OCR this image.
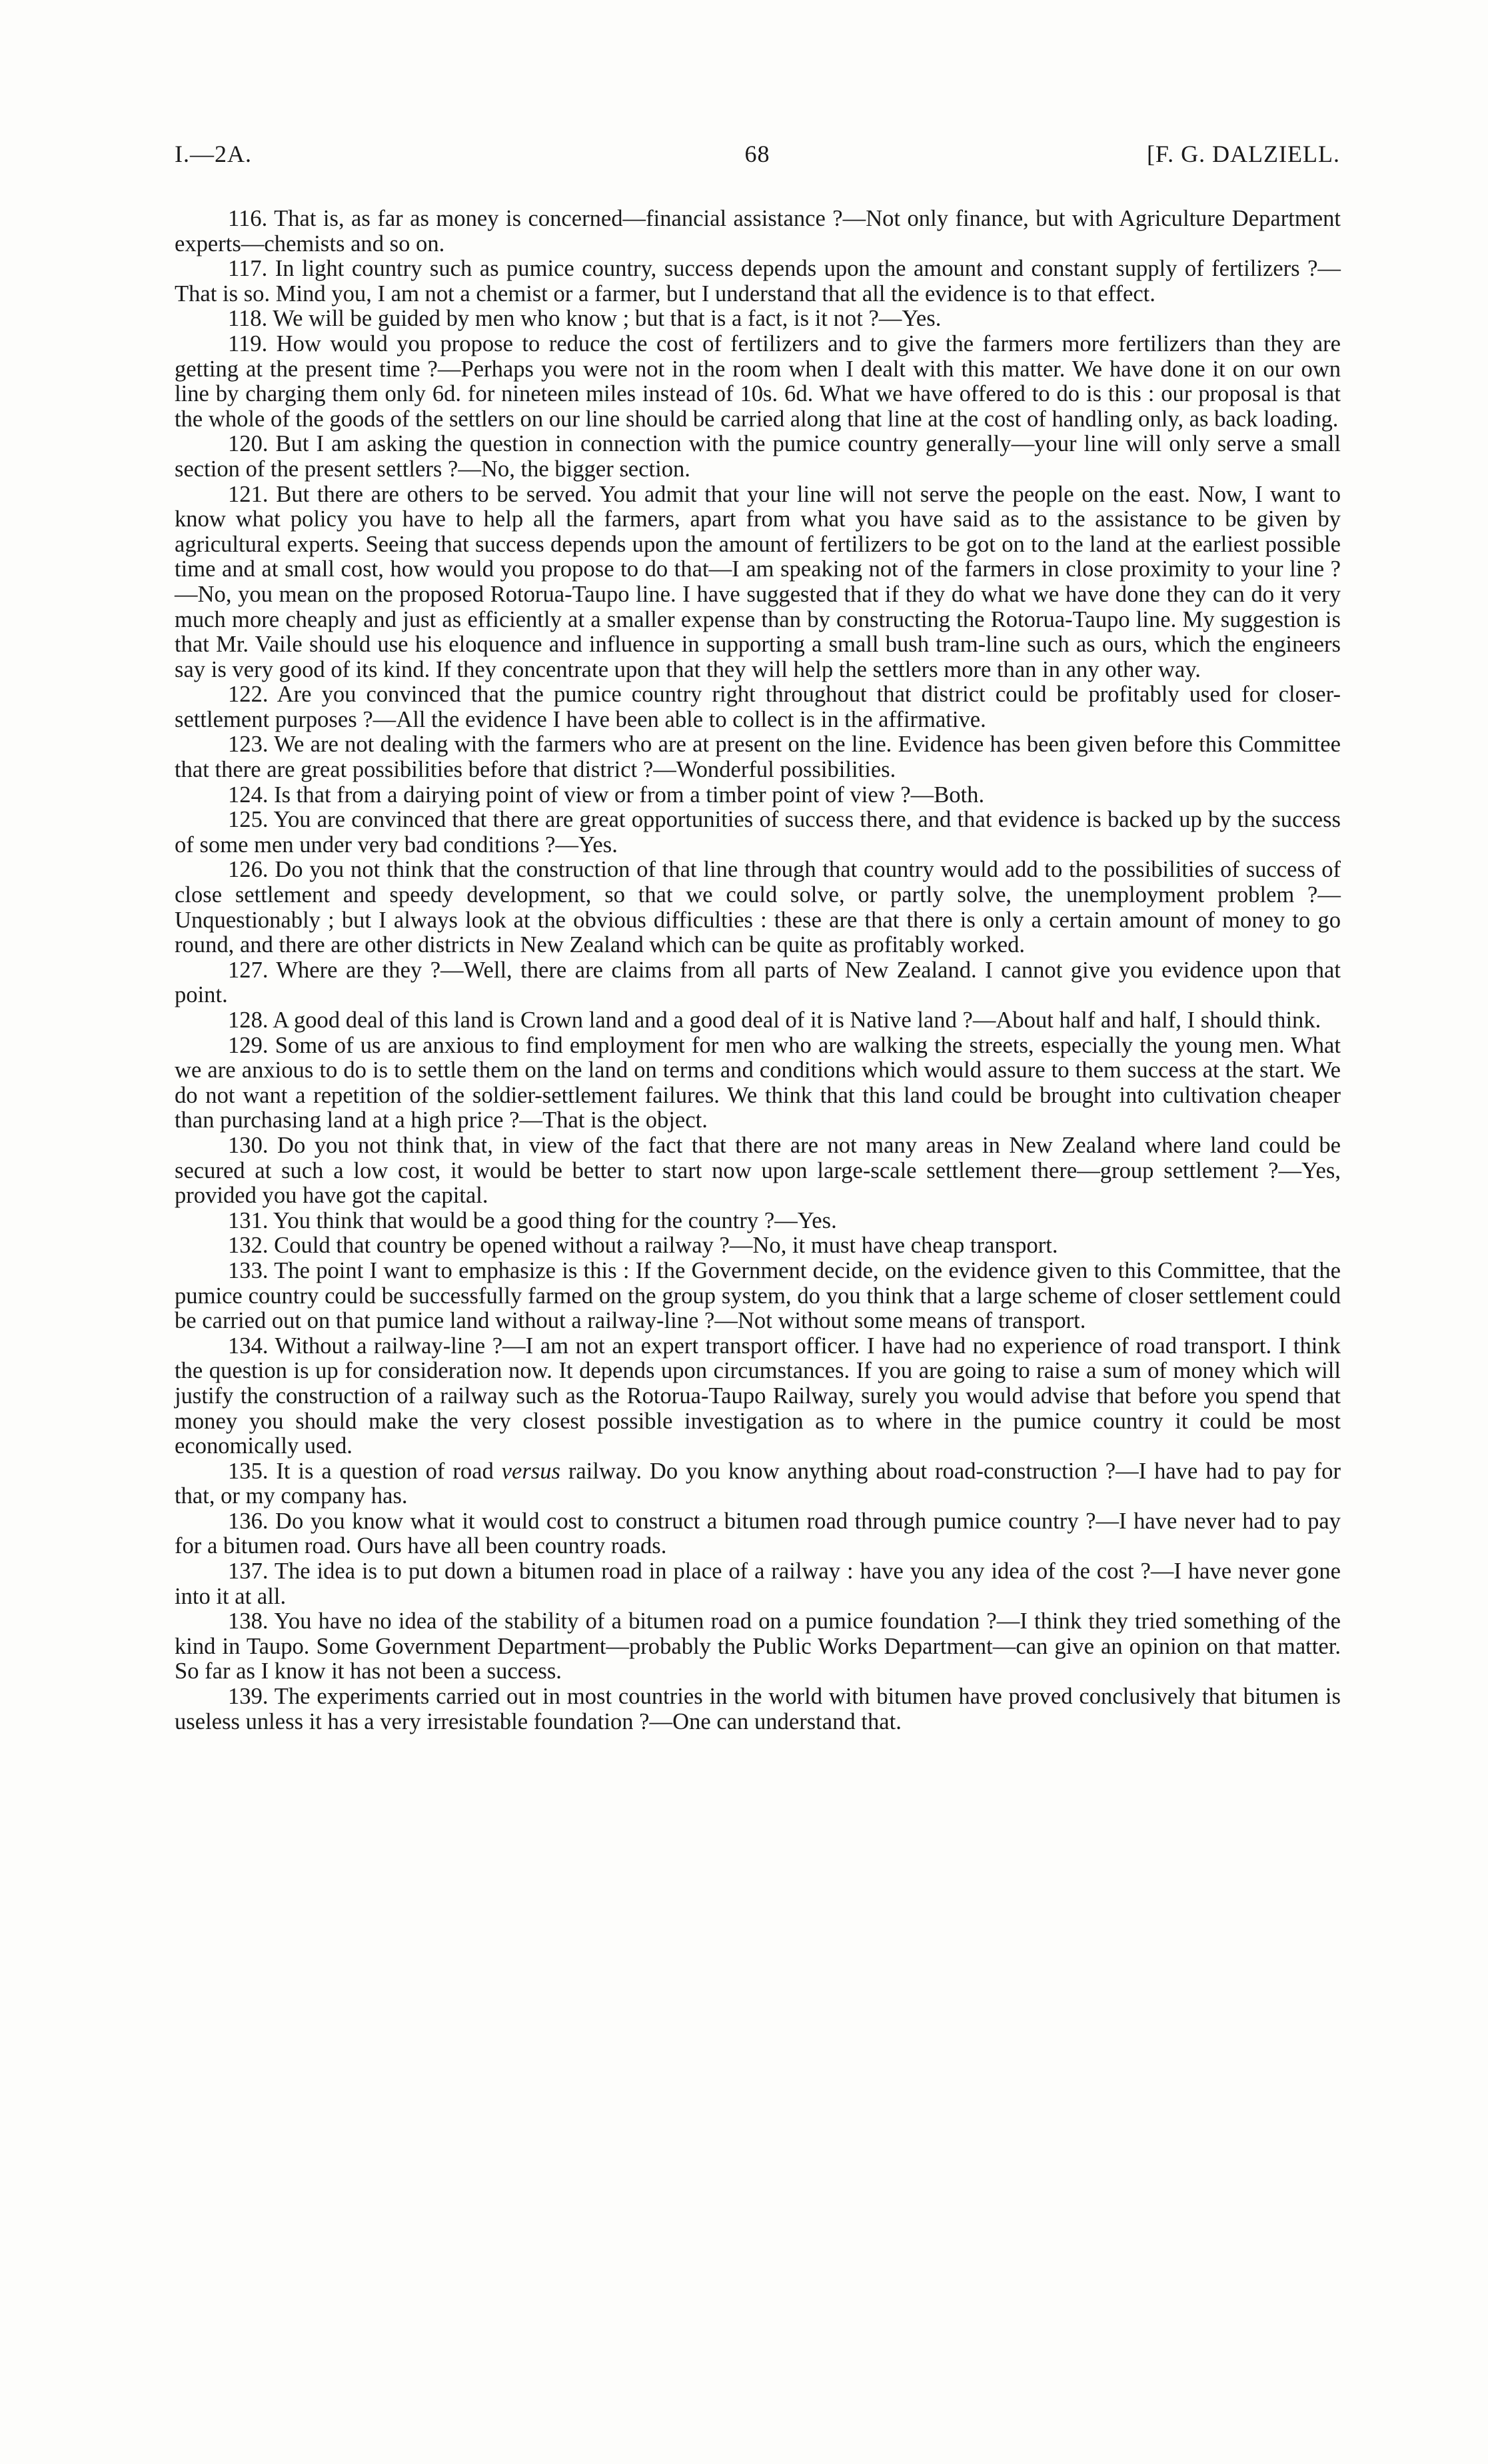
I.—2A.	68	[F. G. DALZIELL.

116. That is, as far as money is concerned—financial assistance ?—Not only finance, but with Agriculture Department experts—chemists and so on.

117. In light country such as pumice country, success depends upon the amount and constant supply of fertilizers ?—That is so. Mind you, I am not a chemist or a farmer, but I understand that all the evidence is to that effect.

118. We will be guided by men who know ; but that is a fact, is it not ?—Yes.

119. How would you propose to reduce the cost of fertilizers and to give the farmers more fertilizers than they are getting at the present time ?—Perhaps you were not in the room when I dealt with this matter. We have done it on our own line by charging them only 6d. for nineteen miles instead of 10s. 6d. What we have offered to do is this : our proposal is that the whole of the goods of the settlers on our line should be carried along that line at the cost of handling only, as back loading.

120. But I am asking the question in connection with the pumice country generally—your line will only serve a small section of the present settlers ?—No, the bigger section.

121. But there are others to be served. You admit that your line will not serve the people on the east. Now, I want to know what policy you have to help all the farmers, apart from what you have said as to the assistance to be given by agricultural experts. Seeing that success depends upon the amount of fertilizers to be got on to the land at the earliest possible time and at small cost, how would you propose to do that—I am speaking not of the farmers in close proximity to your line ?—No, you mean on the proposed Rotorua-Taupo line. I have suggested that if they do what we have done they can do it very much more cheaply and just as efficiently at a smaller expense than by constructing the Rotorua-Taupo line. My suggestion is that Mr. Vaile should use his eloquence and influence in supporting a small bush tram-line such as ours, which the engineers say is very good of its kind. If they concentrate upon that they will help the settlers more than in any other way.

122. Are you convinced that the pumice country right throughout that district could be profitably used for closer-settlement purposes ?—All the evidence I have been able to collect is in the affirmative.

123. We are not dealing with the farmers who are at present on the line. Evidence has been given before this Committee that there are great possibilities before that district ?—Wonderful possibilities.

124. Is that from a dairying point of view or from a timber point of view ?—Both.

125. You are convinced that there are great opportunities of success there, and that evidence is backed up by the success of some men under very bad conditions ?—Yes.

126. Do you not think that the construction of that line through that country would add to the possibilities of success of close settlement and speedy development, so that we could solve, or partly solve, the unemployment problem ?—Unquestionably ; but I always look at the obvious difficulties : these are that there is only a certain amount of money to go round, and there are other districts in New Zealand which can be quite as profitably worked.

127. Where are they ?—Well, there are claims from all parts of New Zealand. I cannot give you evidence upon that point.

128. A good deal of this land is Crown land and a good deal of it is Native land ?—About half and half, I should think.

129. Some of us are anxious to find employment for men who are walking the streets, especially the young men. What we are anxious to do is to settle them on the land on terms and conditions which would assure to them success at the start. We do not want a repetition of the soldier-settlement failures. We think that this land could be brought into cultivation cheaper than purchasing land at a high price ?—That is the object.

130. Do you not think that, in view of the fact that there are not many areas in New Zealand where land could be secured at such a low cost, it would be better to start now upon large-scale settlement there—group settlement ?—Yes, provided you have got the capital.

131. You think that would be a good thing for the country ?—Yes.

132. Could that country be opened without a railway ?—No, it must have cheap transport.

133. The point I want to emphasize is this : If the Government decide, on the evidence given to this Committee, that the pumice country could be successfully farmed on the group system, do you think that a large scheme of closer settlement could be carried out on that pumice land without a railway-line ?—Not without some means of transport.

134. Without a railway-line ?—I am not an expert transport officer. I have had no experience of road transport. I think the question is up for consideration now. It depends upon circumstances. If you are going to raise a sum of money which will justify the construction of a railway such as the Rotorua-Taupo Railway, surely you would advise that before you spend that money you should make the very closest possible investigation as to where in the pumice country it could be most economically used.

135. It is a question of road versus railway. Do you know anything about road-construction ?—I have had to pay for that, or my company has.

136. Do you know what it would cost to construct a bitumen road through pumice country ?—I have never had to pay for a bitumen road. Ours have all been country roads.

137. The idea is to put down a bitumen road in place of a railway : have you any idea of the cost ?—I have never gone into it at all.

138. You have no idea of the stability of a bitumen road on a pumice foundation ?—I think they tried something of the kind in Taupo. Some Government Department—probably the Public Works Department—can give an opinion on that matter. So far as I know it has not been a success.

139. The experiments carried out in most countries in the world with bitumen have proved conclusively that bitumen is useless unless it has a very irresistable foundation ?—One can understand that.
